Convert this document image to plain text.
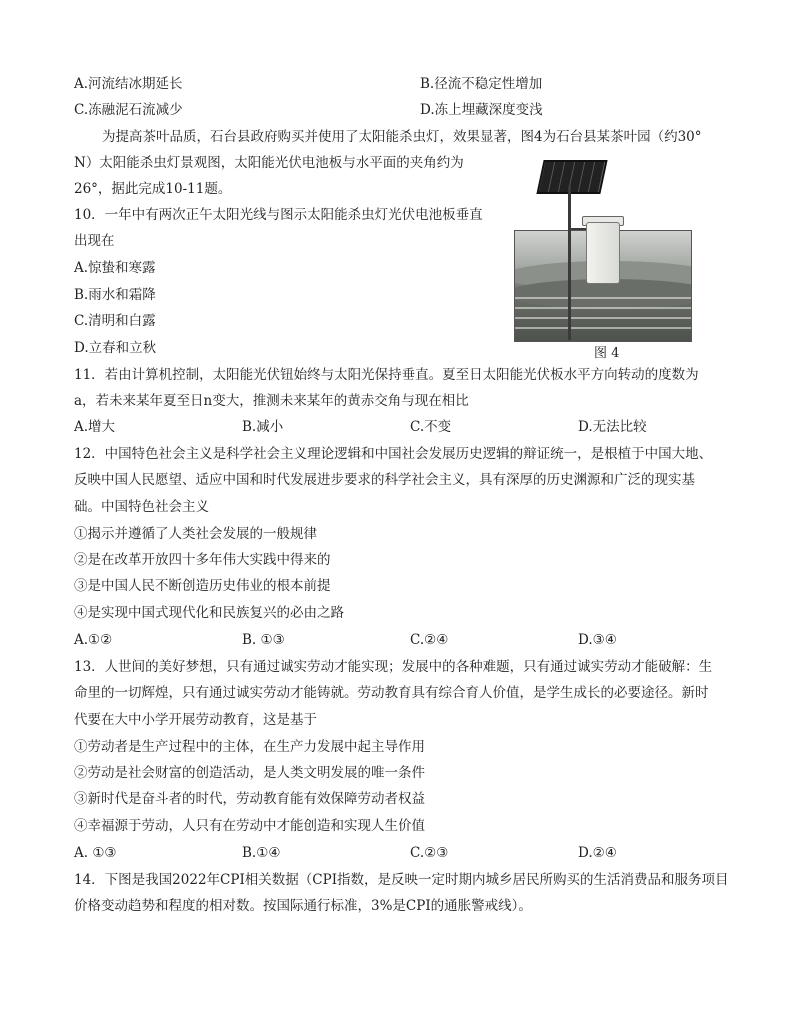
A.河流结冰期延长	B.径流不稳定性增加
C.冻融泥石流减少	D.冻上埋藏深度变浅
为提高茶叶品质，石台县政府购买并使用了太阳能杀虫灯，效果显著，图4为石台县某茶叶园（约30°
N）太阳能杀虫灯景观图，太阳能光伏电池板与水平面的夹角约为
26°，据此完成10-11题。
图 4
10．一年中有两次正午太阳光线与图示太阳能杀虫灯光伏电池板垂直
出现在
A.惊蛰和寒露
B.雨水和霜降
C.清明和白露
D.立春和立秋
11．若由计算机控制，太阳能光伏钮始终与太阳光保持垂直。夏至日太阳能光伏板水平方向转动的度数为
a，若未来某年夏至日n变大，推测未来某年的黄赤交角与现在相比
A.增大	B.减小	C.不变	D.无法比较
12．中国特色社会主义是科学社会主义理论逻辑和中国社会发展历史逻辑的辩证统一，是根植于中国大地、
反映中国人民愿望、适应中国和时代发展进步要求的科学社会主义，具有深厚的历史渊源和广泛的现实基
础。中国特色社会主义
①揭示并遵循了人类社会发展的一般规律
②是在改革开放四十多年伟大实践中得来的
③是中国人民不断创造历史伟业的根本前提
④是实现中国式现代化和民族复兴的必由之路
A.①②	B. ①③	C.②④	D.③④
13．人世间的美好梦想，只有通过诚实劳动才能实现；发展中的各种难题，只有通过诚实劳动才能破解：生
命里的一切辉煌，只有通过诚实劳动才能铸就。劳动教育具有综合育人价值，是学生成长的必要途径。新时
代要在大中小学开展劳动教育，这是基于
①劳动者是生产过程中的主体，在生产力发展中起主导作用
②劳动是社会财富的创造活动，是人类文明发展的唯一条件
③新时代是奋斗者的时代，劳动教育能有效保障劳动者权益
④幸福源于劳动，人只有在劳动中才能创造和实现人生价值
A. ①③	B.①④	C.②③	D.②④
14．下图是我国2022年CPI相关数据（CPI指数，是反映一定时期内城乡居民所购买的生活消费品和服务项目
价格变动趋势和程度的相对数。按国际通行标准，3%是CPI的通胀警戒线）。
